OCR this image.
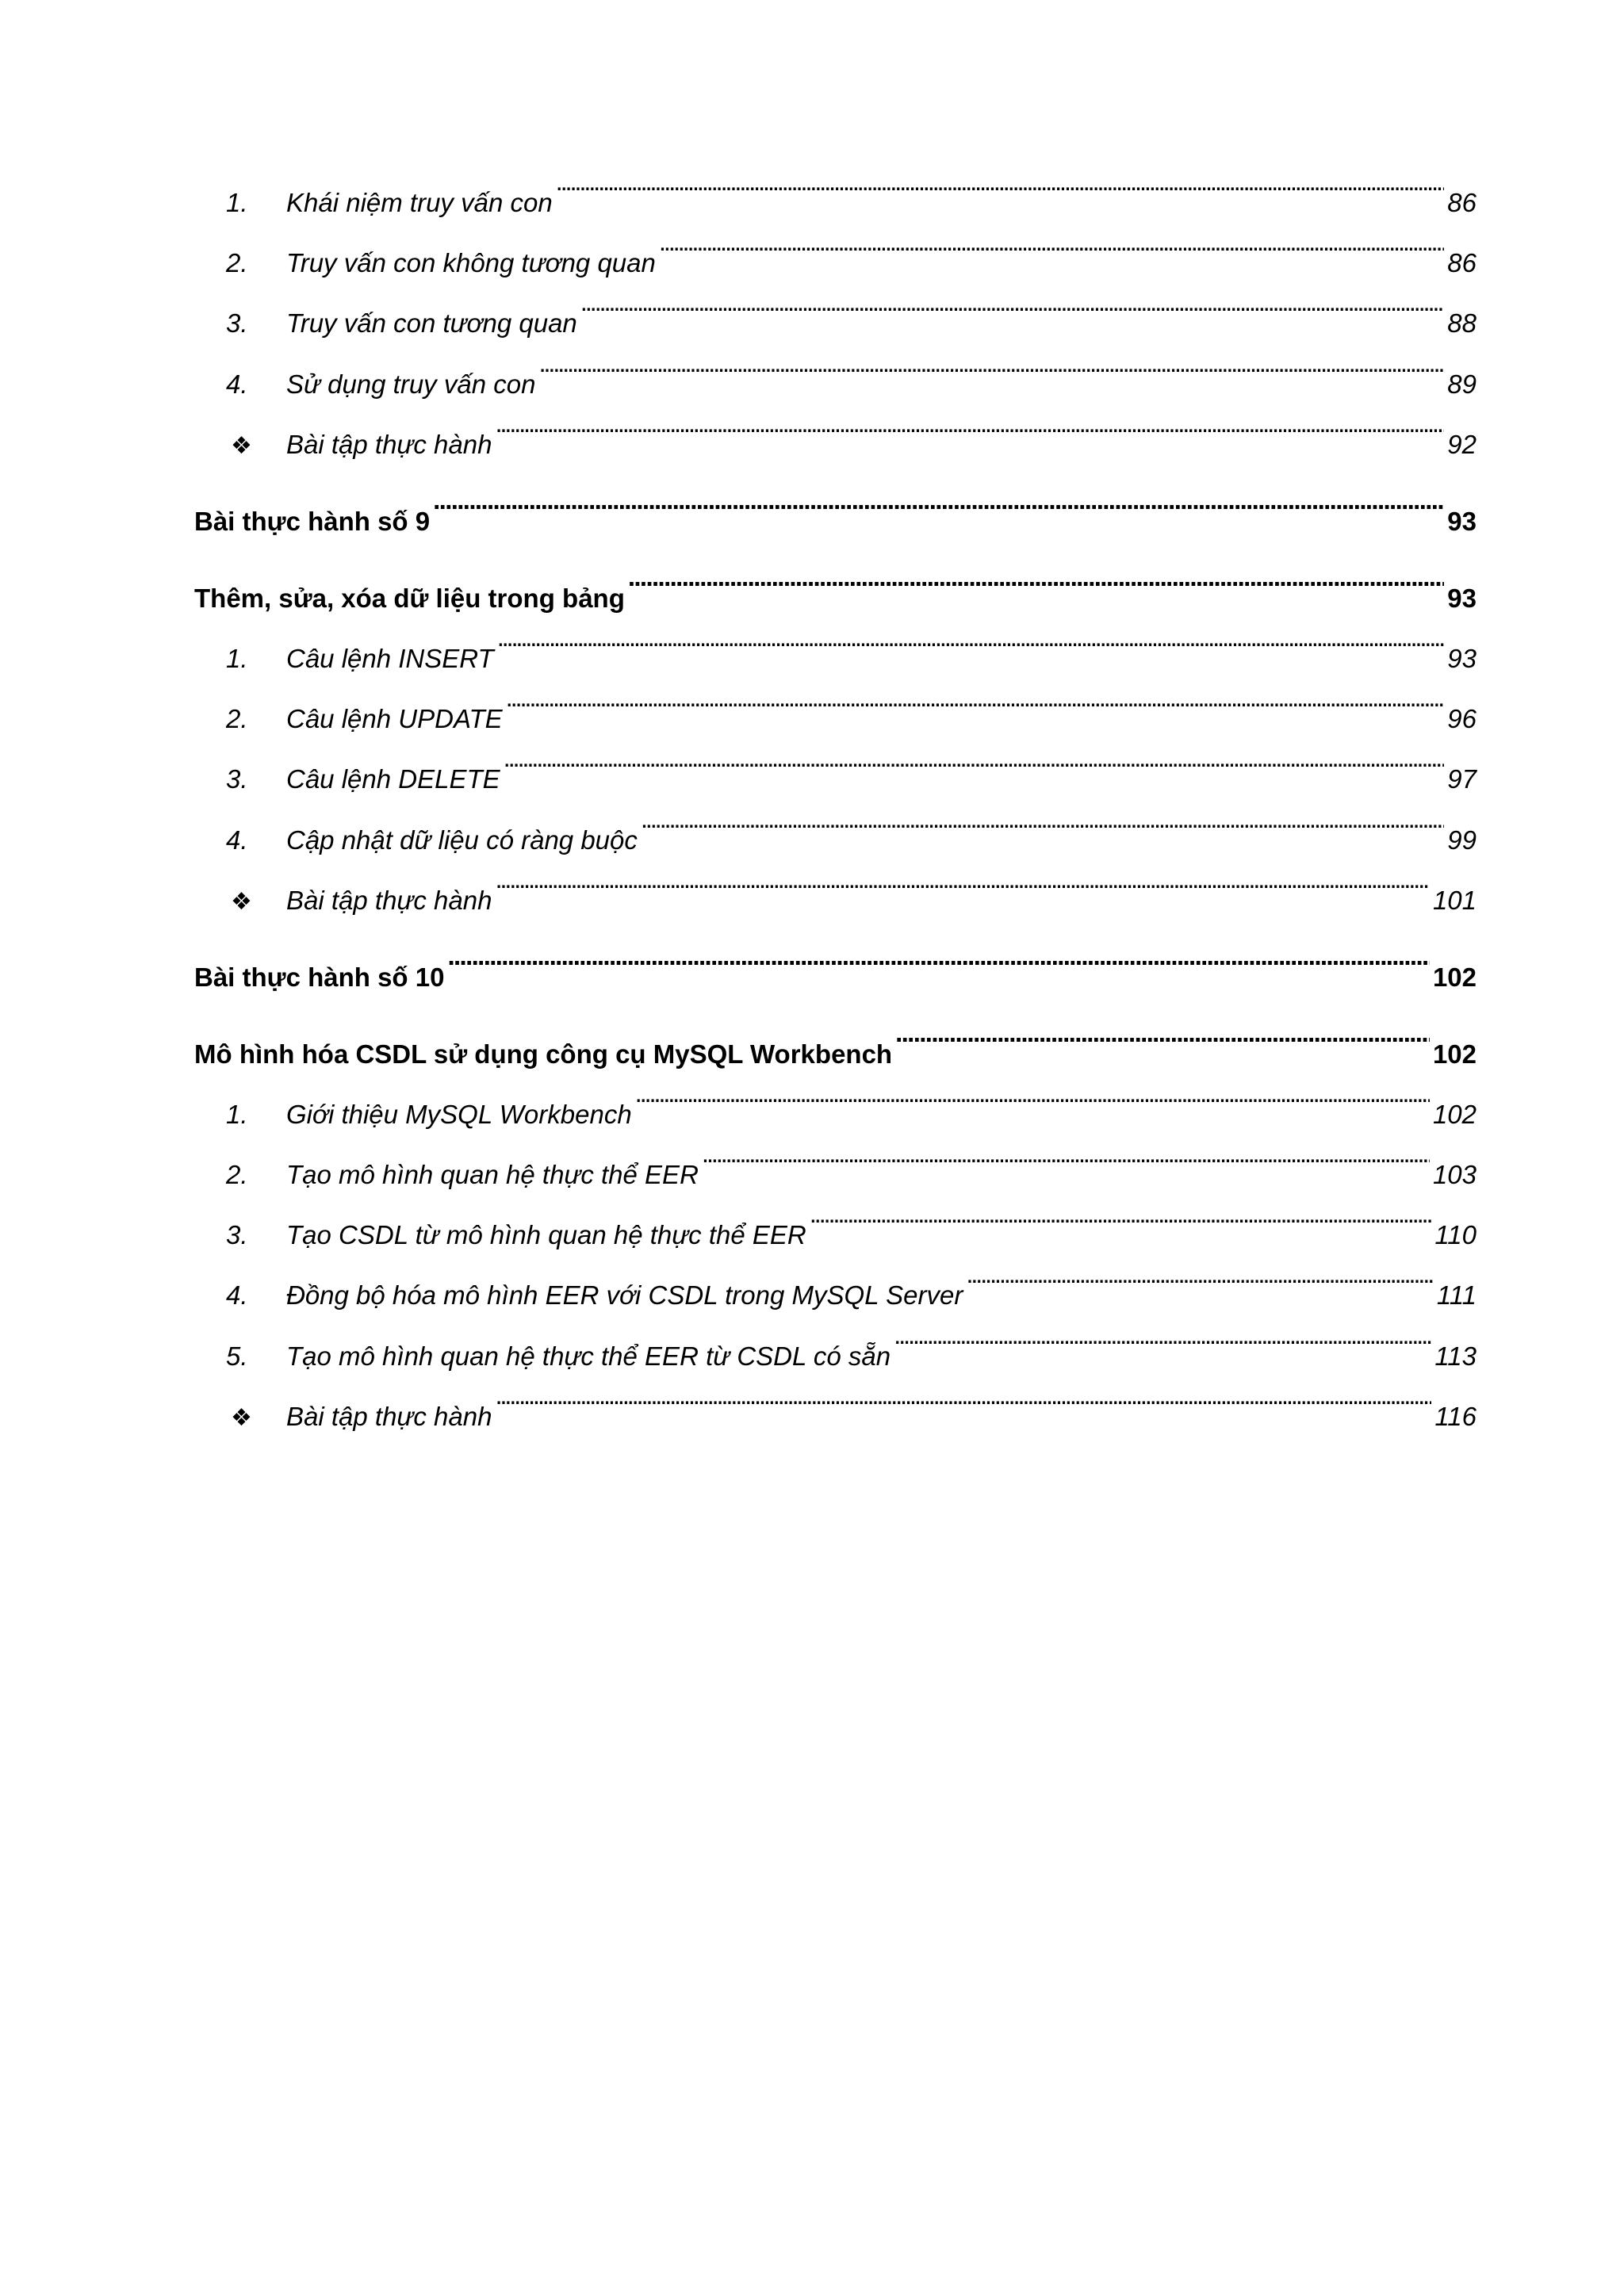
1.	Khái niệm truy vấn con . . .	86
2.	Truy vấn con không tương quan . . .	86
3.	Truy vấn con tương quan . . .	88
4.	Sử dụng truy vấn con . . .	89
❖	Bài tập thực hành . . .	92
Bài thực hành số 9 . . .	93
Thêm, sửa, xóa dữ liệu trong bảng . . .	93
1.	Câu lệnh INSERT . . .	93
2.	Câu lệnh UPDATE . . .	96
3.	Câu lệnh DELETE . . .	97
4.	Cập nhật dữ liệu có ràng buộc . . .	99
❖	Bài tập thực hành . . .	101
Bài thực hành số 10 . . .	102
Mô hình hóa CSDL sử dụng công cụ MySQL Workbench . . .	102
1.	Giới thiệu MySQL Workbench . . .	102
2.	Tạo mô hình quan hệ thực thể EER . . .	103
3.	Tạo CSDL từ mô hình quan hệ thực thể EER . . .	110
4.	Đồng bộ hóa mô hình EER với CSDL trong MySQL Server . . .	111
5.	Tạo mô hình quan hệ thực thể EER từ CSDL có sẵn . . .	113
❖	Bài tập thực hành . . .	116
